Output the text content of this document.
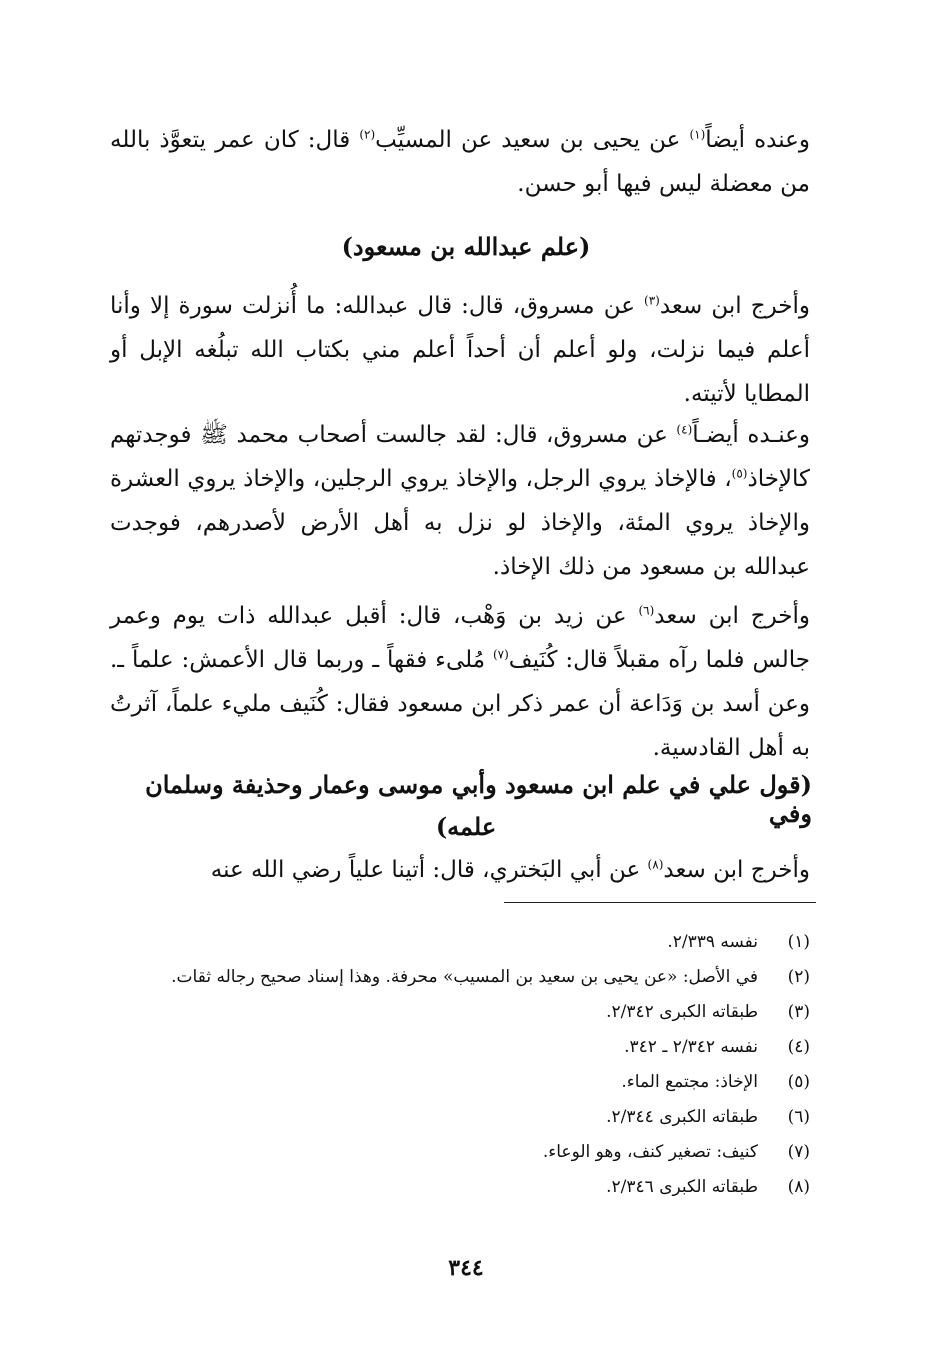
وعنده أيضاً$^{(١)}$ عن يحيى بن سعيد عن المسيِّب$^{(٢)}$ قال: كان عمر يتعوَّذ بالله من معضلة ليس فيها أبو حسن.
(علم عبدالله بن مسعود)
وأخرج ابن سعد$^{(٣)}$ عن مسروق، قال: قال عبدالله: ما أُنزلت سورة إلا وأنا أعلم فيما نزلت، ولو أعلم أن أحداً أعلم مني بكتاب الله تبلُغه الإبل أو المطايا لأتيته.
وعنـده أيضـاً$^{(٤)}$ عن مسروق، قال: لقد جالست أصحاب محمد ﷺ فوجدتهم كالإخاذ$^{(٥)}$، فالإخاذ يروي الرجل، والإخاذ يروي الرجلين، والإخاذ يروي العشرة والإخاذ يروي المئة، والإخاذ لو نزل به أهل الأرض لأصدرهم، فوجدت عبدالله بن مسعود من ذلك الإخاذ.
وأخرج ابن سعد$^{(٦)}$ عن زيد بن وَهْب، قال: أقبل عبدالله ذات يوم وعمر جالس فلما رآه مقبلاً قال: كُنَيف$^{(٧)}$ مُلىء فقهاً ـ وربما قال الأعمش: علماً ـ. وعن أسد بن وَدَاعة أن عمر ذكر ابن مسعود فقال: كُنَيف مليء علماً، آثرتُ به أهل القادسية.
(قول علي في علم ابن مسعود وأبي موسى وعمار وحذيفة وسلمان وفي
علمه)
وأخرج ابن سعد$^{(٨)}$ عن أبي البَختري، قال: أتينا علياً رضي الله عنه
(١)
نفسه ٢/٣٣٩.
(٢)
في الأصل: «عن يحيى بن سعيد بن المسيب» محرفة. وهذا إسناد صحيح رجاله ثقات.
(٣)
طبقاته الكبرى ٢/٣٤٢.
(٤)
نفسه ٢/٣٤٢ ـ ٣٤٢.
(٥)
الإخاذ: مجتمع الماء.
(٦)
طبقاته الكبرى ٢/٣٤٤.
(٧)
كنيف: تصغير كنف، وهو الوعاء.
(٨)
طبقاته الكبرى ٢/٣٤٦.
٣٤٤
